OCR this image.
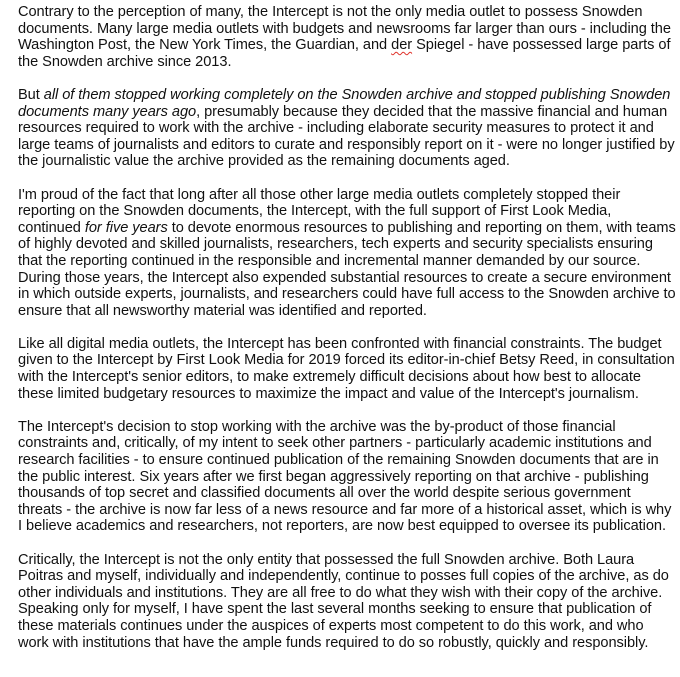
Contrary to the perception of many, the Intercept is not the only media outlet to possess Snowden documents. Many large media outlets with budgets and newsrooms far larger than ours - including the Washington Post, the New York Times, the Guardian, and der Spiegel - have possessed large parts of the Snowden archive since 2013.

But all of them stopped working completely on the Snowden archive and stopped publishing Snowden documents many years ago, presumably because they decided that the massive financial and human resources required to work with the archive - including elaborate security measures to protect it and large teams of journalists and editors to curate and responsibly report on it - were no longer justified by the journalistic value the archive provided as the remaining documents aged.

I'm proud of the fact that long after all those other large media outlets completely stopped their reporting on the Snowden documents, the Intercept, with the full support of First Look Media, continued for five years to devote enormous resources to publishing and reporting on them, with teams of highly devoted and skilled journalists, researchers, tech experts and security specialists ensuring that the reporting continued in the responsible and incremental manner demanded by our source. During those years, the Intercept also expended substantial resources to create a secure environment in which outside experts, journalists, and researchers could have full access to the Snowden archive to ensure that all newsworthy material was identified and reported.

Like all digital media outlets, the Intercept has been confronted with financial constraints. The budget given to the Intercept by First Look Media for 2019 forced its editor-in-chief Betsy Reed, in consultation with the Intercept's senior editors, to make extremely difficult decisions about how best to allocate these limited budgetary resources to maximize the impact and value of the Intercept's journalism.

The Intercept's decision to stop working with the archive was the by-product of those financial constraints and, critically, of my intent to seek other partners - particularly academic institutions and research facilities - to ensure continued publication of the remaining Snowden documents that are in the public interest. Six years after we first began aggressively reporting on that archive - publishing thousands of top secret and classified documents all over the world despite serious government threats - the archive is now far less of a news resource and far more of a historical asset, which is why I believe academics and researchers, not reporters, are now best equipped to oversee its publication.

Critically, the Intercept is not the only entity that possessed the full Snowden archive. Both Laura Poitras and myself, individually and independently, continue to posses full copies of the archive, as do other individuals and institutions. They are all free to do what they wish with their copy of the archive. Speaking only for myself, I have spent the last several months seeking to ensure that publication of these materials continues under the auspices of experts most competent to do this work, and who work with institutions that have the ample funds required to do so robustly, quickly and responsibly.
